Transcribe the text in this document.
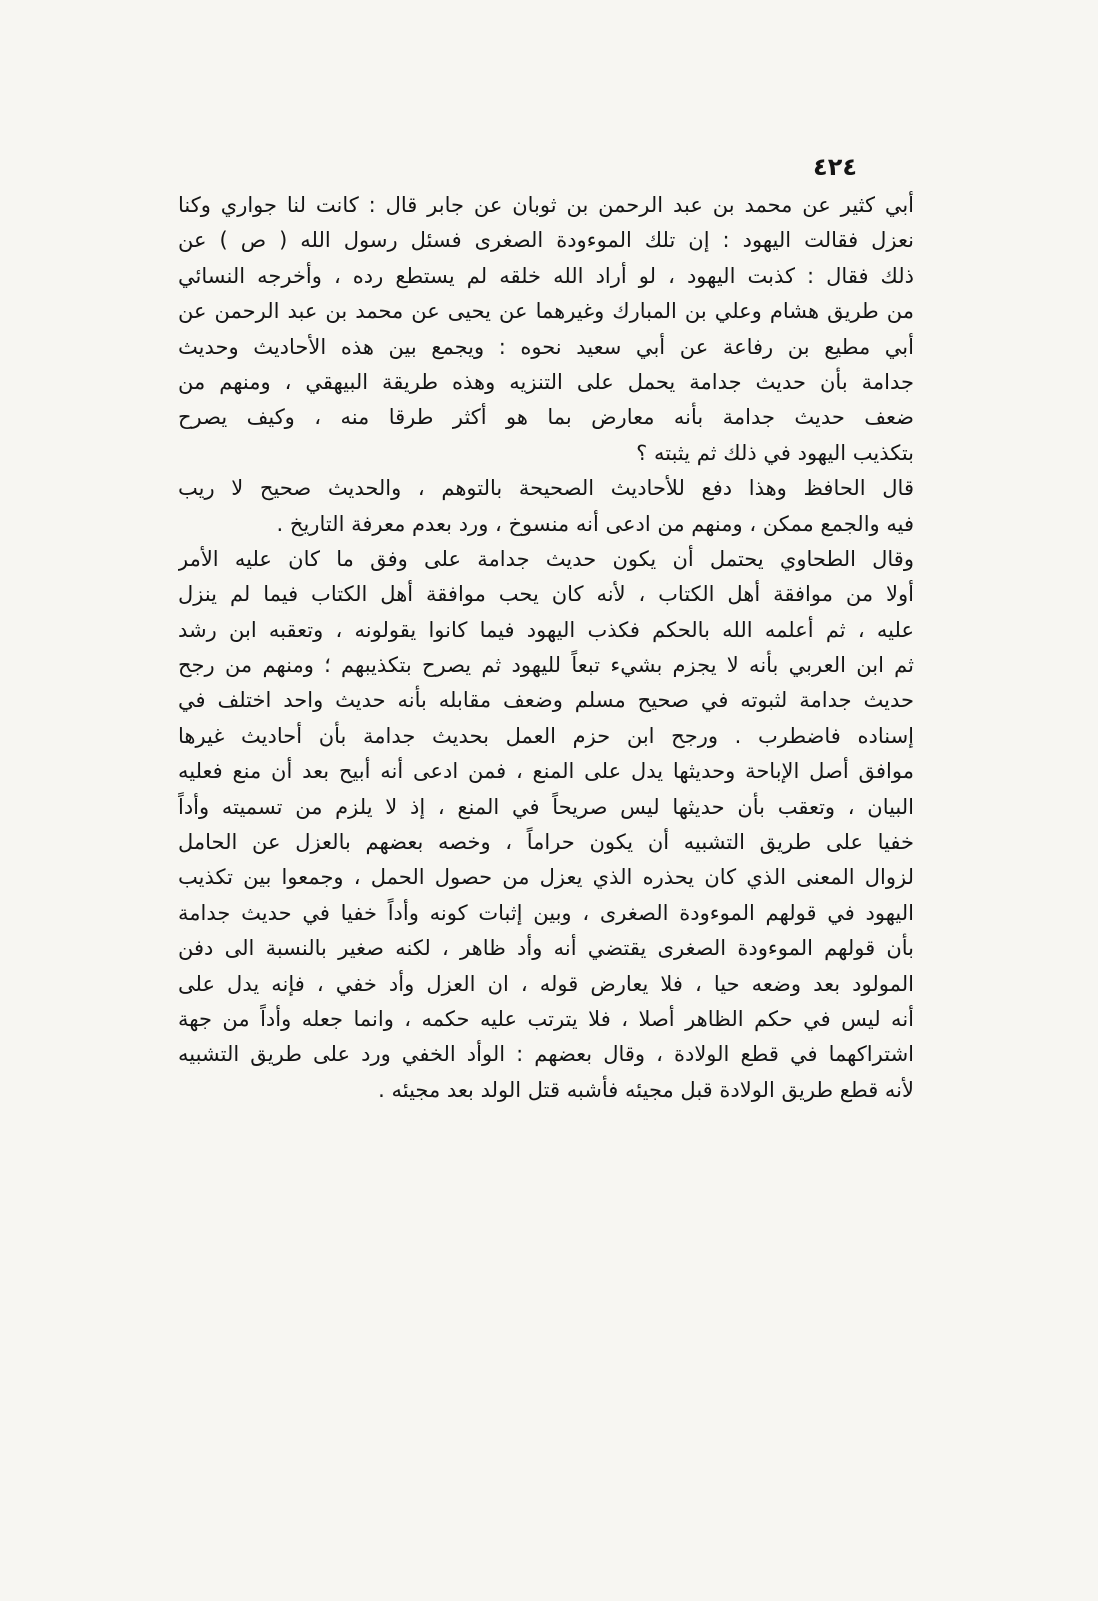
٤٢٤
أبي كثير عن محمد بن عبد الرحمن بن ثوبان عن جابر قال : كانت لنا جواري وكنا
نعزل فقالت اليهود : إن تلك الموءودة الصغرى فسئل رسول الله ( ص ) عن
ذلك فقال : كذبت اليهود ، لو أراد الله خلقه لم يستطع رده ، وأخرجه النسائي
من طريق هشام وعلي بن المبارك وغيرهما عن يحيى عن محمد بن عبد الرحمن عن
أبي مطيع بن رفاعة عن أبي سعيد نحوه : ويجمع بين هذه الأحاديث وحديث
جدامة بأن حديث جدامة يحمل على التنزيه وهذه طريقة البيهقي ، ومنهم من
ضعف حديث جدامة بأنه معارض بما هو أكثر طرقا منه ، وكيف يصرح
بتكذيب اليهود في ذلك ثم يثبته ؟
قال الحافظ وهذا دفع للأحاديث الصحيحة بالتوهم ، والحديث صحيح لا ريب
فيه والجمع ممكن ، ومنهم من ادعى أنه منسوخ ، ورد بعدم معرفة التاريخ .
وقال الطحاوي يحتمل أن يكون حديث جدامة على وفق ما كان عليه الأمر
أولا من موافقة أهل الكتاب ، لأنه كان يحب موافقة أهل الكتاب فيما لم ينزل
عليه ، ثم أعلمه الله بالحكم فكذب اليهود فيما كانوا يقولونه ، وتعقبه ابن رشد
ثم ابن العربي بأنه لا يجزم بشيء تبعاً لليهود ثم يصرح بتكذيبهم ؛ ومنهم من رجح
حديث جدامة لثبوته في صحيح مسلم وضعف مقابله بأنه حديث واحد اختلف في
إسناده فاضطرب . ورجح ابن حزم العمل بحديث جدامة بأن أحاديث غيرها
موافق أصل الإباحة وحديثها يدل على المنع ، فمن ادعى أنه أبيح بعد أن منع فعليه
البيان ، وتعقب بأن حديثها ليس صريحاً في المنع ، إذ لا يلزم من تسميته وأداً
خفيا على طريق التشبيه أن يكون حراماً ، وخصه بعضهم بالعزل عن الحامل
لزوال المعنى الذي كان يحذره الذي يعزل من حصول الحمل ، وجمعوا بين تكذيب
اليهود في قولهم الموءودة الصغرى ، وبين إثبات كونه وأداً خفيا في حديث جدامة
بأن قولهم الموءودة الصغرى يقتضي أنه وأد ظاهر ، لكنه صغير بالنسبة الى دفن
المولود بعد وضعه حيا ، فلا يعارض قوله ، ان العزل وأد خفي ، فإنه يدل على
أنه ليس في حكم الظاهر أصلا ، فلا يترتب عليه حكمه ، وانما جعله وأداً من جهة
اشتراكهما في قطع الولادة ، وقال بعضهم : الوأد الخفي ورد على طريق التشبيه
لأنه قطع طريق الولادة قبل مجيئه فأشبه قتل الولد بعد مجيئه .
